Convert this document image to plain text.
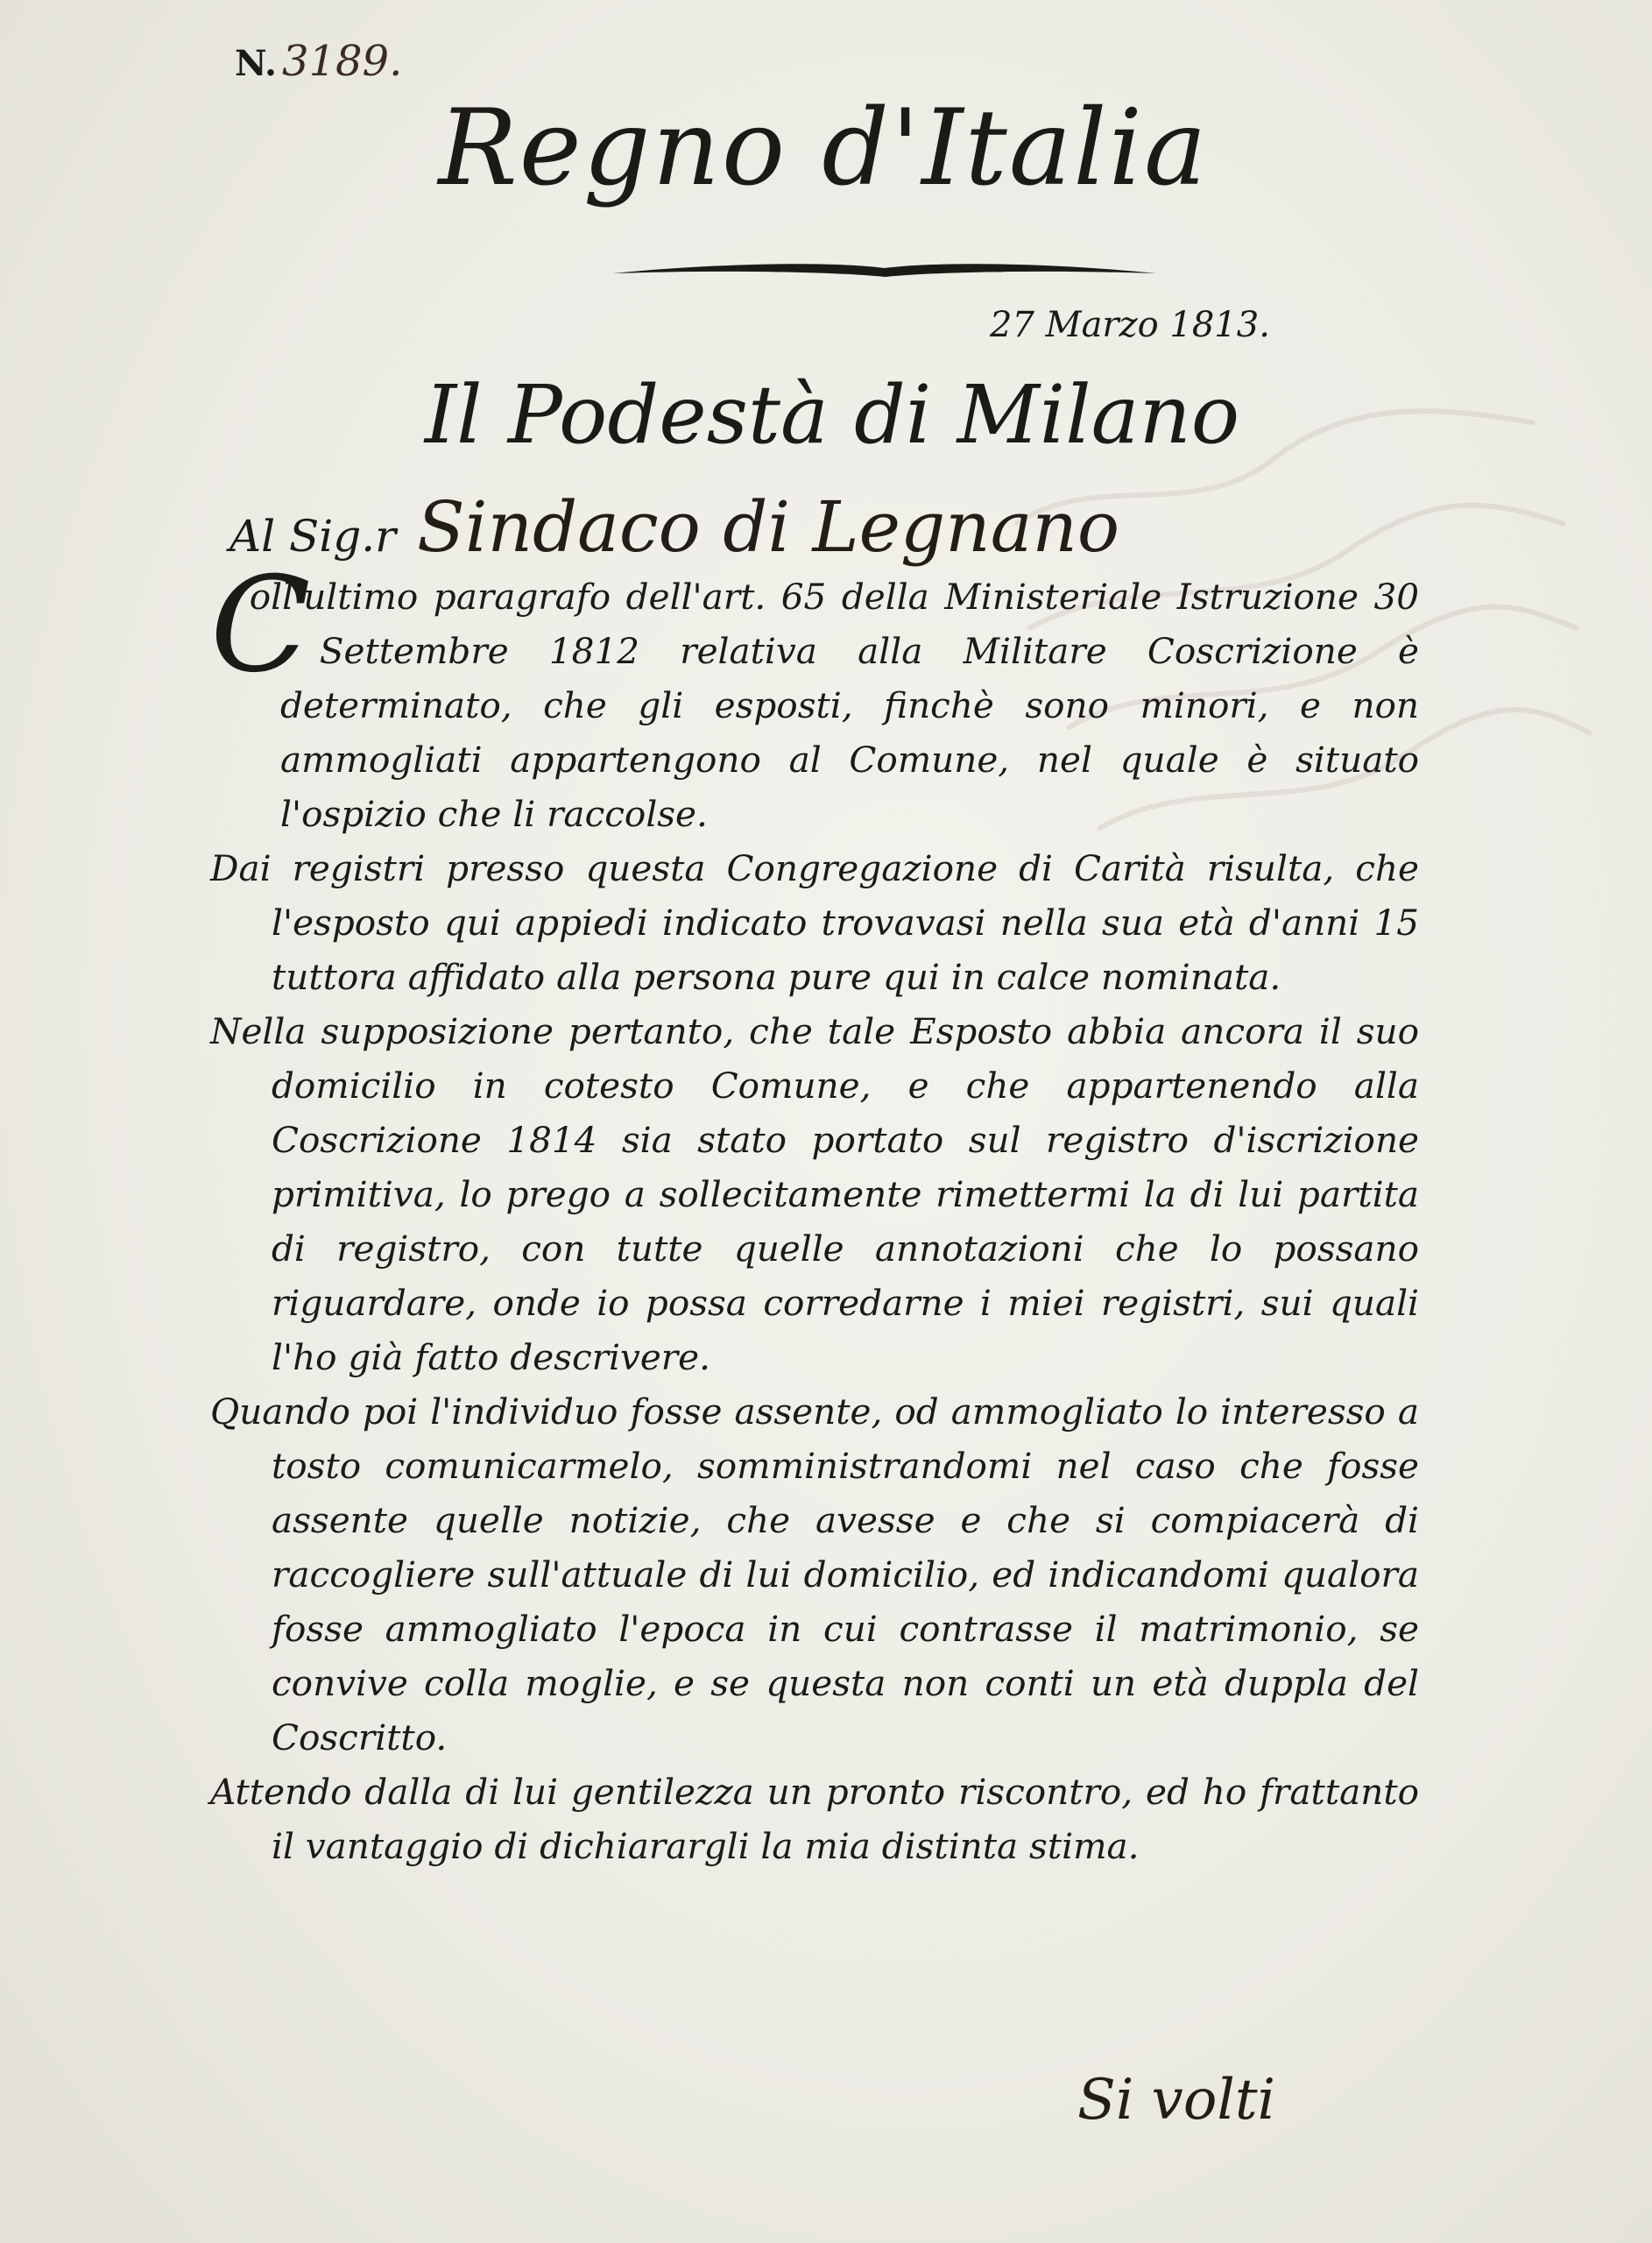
N. 3189.
Regno d'Italia
27 Marzo 1813.
Il Podestà di Milano
Al Sig.r Sindaco di Legnano

C
oll'ultimo paragrafo dell'art. 65 della Ministeriale Istruzione 30 Settembre 1812 relativa alla Militare Coscrizione è determinato, che gli esposti, finchè sono minori, e non ammogliati appartengono al Comune, nel quale è situato l'ospizio che li raccolse.

Dai registri presso questa Congregazione di Carità risulta, che l'esposto qui appiedi indicato trovavasi nella sua età d'anni 15 tuttora affidato alla persona pure qui in calce nominata.

Nella supposizione pertanto, che tale Esposto abbia ancora il suo domicilio in cotesto Comune, e che appartenendo alla Coscrizione 1814 sia stato portato sul registro d'iscrizione primitiva, lo prego a sollecitamente rimettermi la di lui partita di registro, con tutte quelle annotazioni che lo possano riguardare, onde io possa corredarne i miei registri, sui quali l'ho già fatto descrivere.

Quando poi l'individuo fosse assente, od ammogliato lo interesso a tosto comunicarmelo, somministrandomi nel caso che fosse assente quelle notizie, che avesse e che si compiacerà di raccogliere sull'attuale di lui domicilio, ed indicandomi qualora fosse ammogliato l'epoca in cui contrasse il matrimonio, se convive colla moglie, e se questa non conti un età duppla del Coscritto.

Attendo dalla di lui gentilezza un pronto riscontro, ed ho frattanto il vantaggio di dichiarargli la mia distinta stima.

Si volti
